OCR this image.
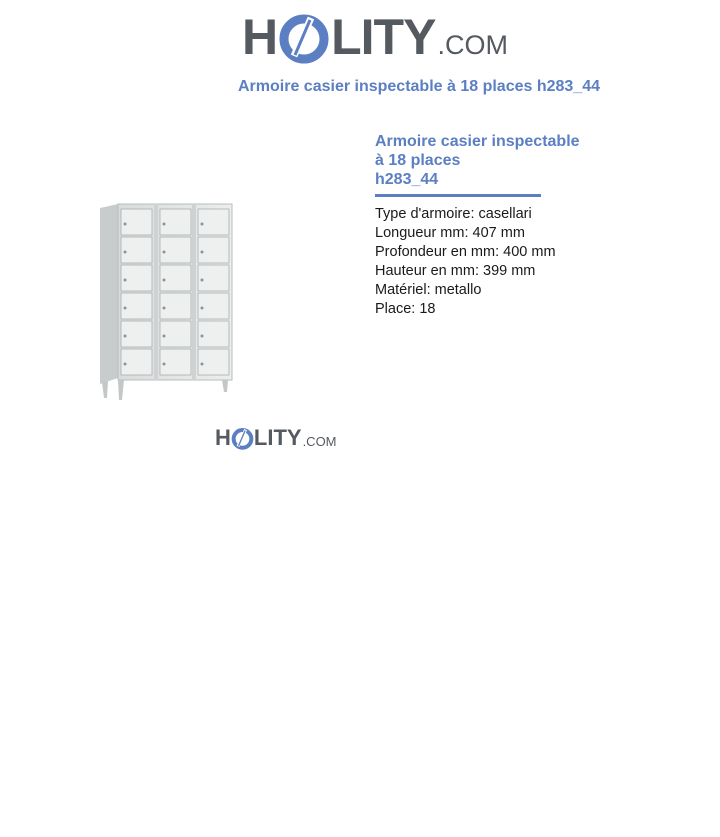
H LITY .COM
Armoire casier inspectable à 18 places h283_44
H LITY .COM
Armoire casier inspectable
à 18 places
h283_44
Type d'armoire: casellari
Longueur mm: 407 mm
Profondeur en mm: 400 mm
Hauteur en mm: 399 mm
Matériel: metallo
Place: 18
